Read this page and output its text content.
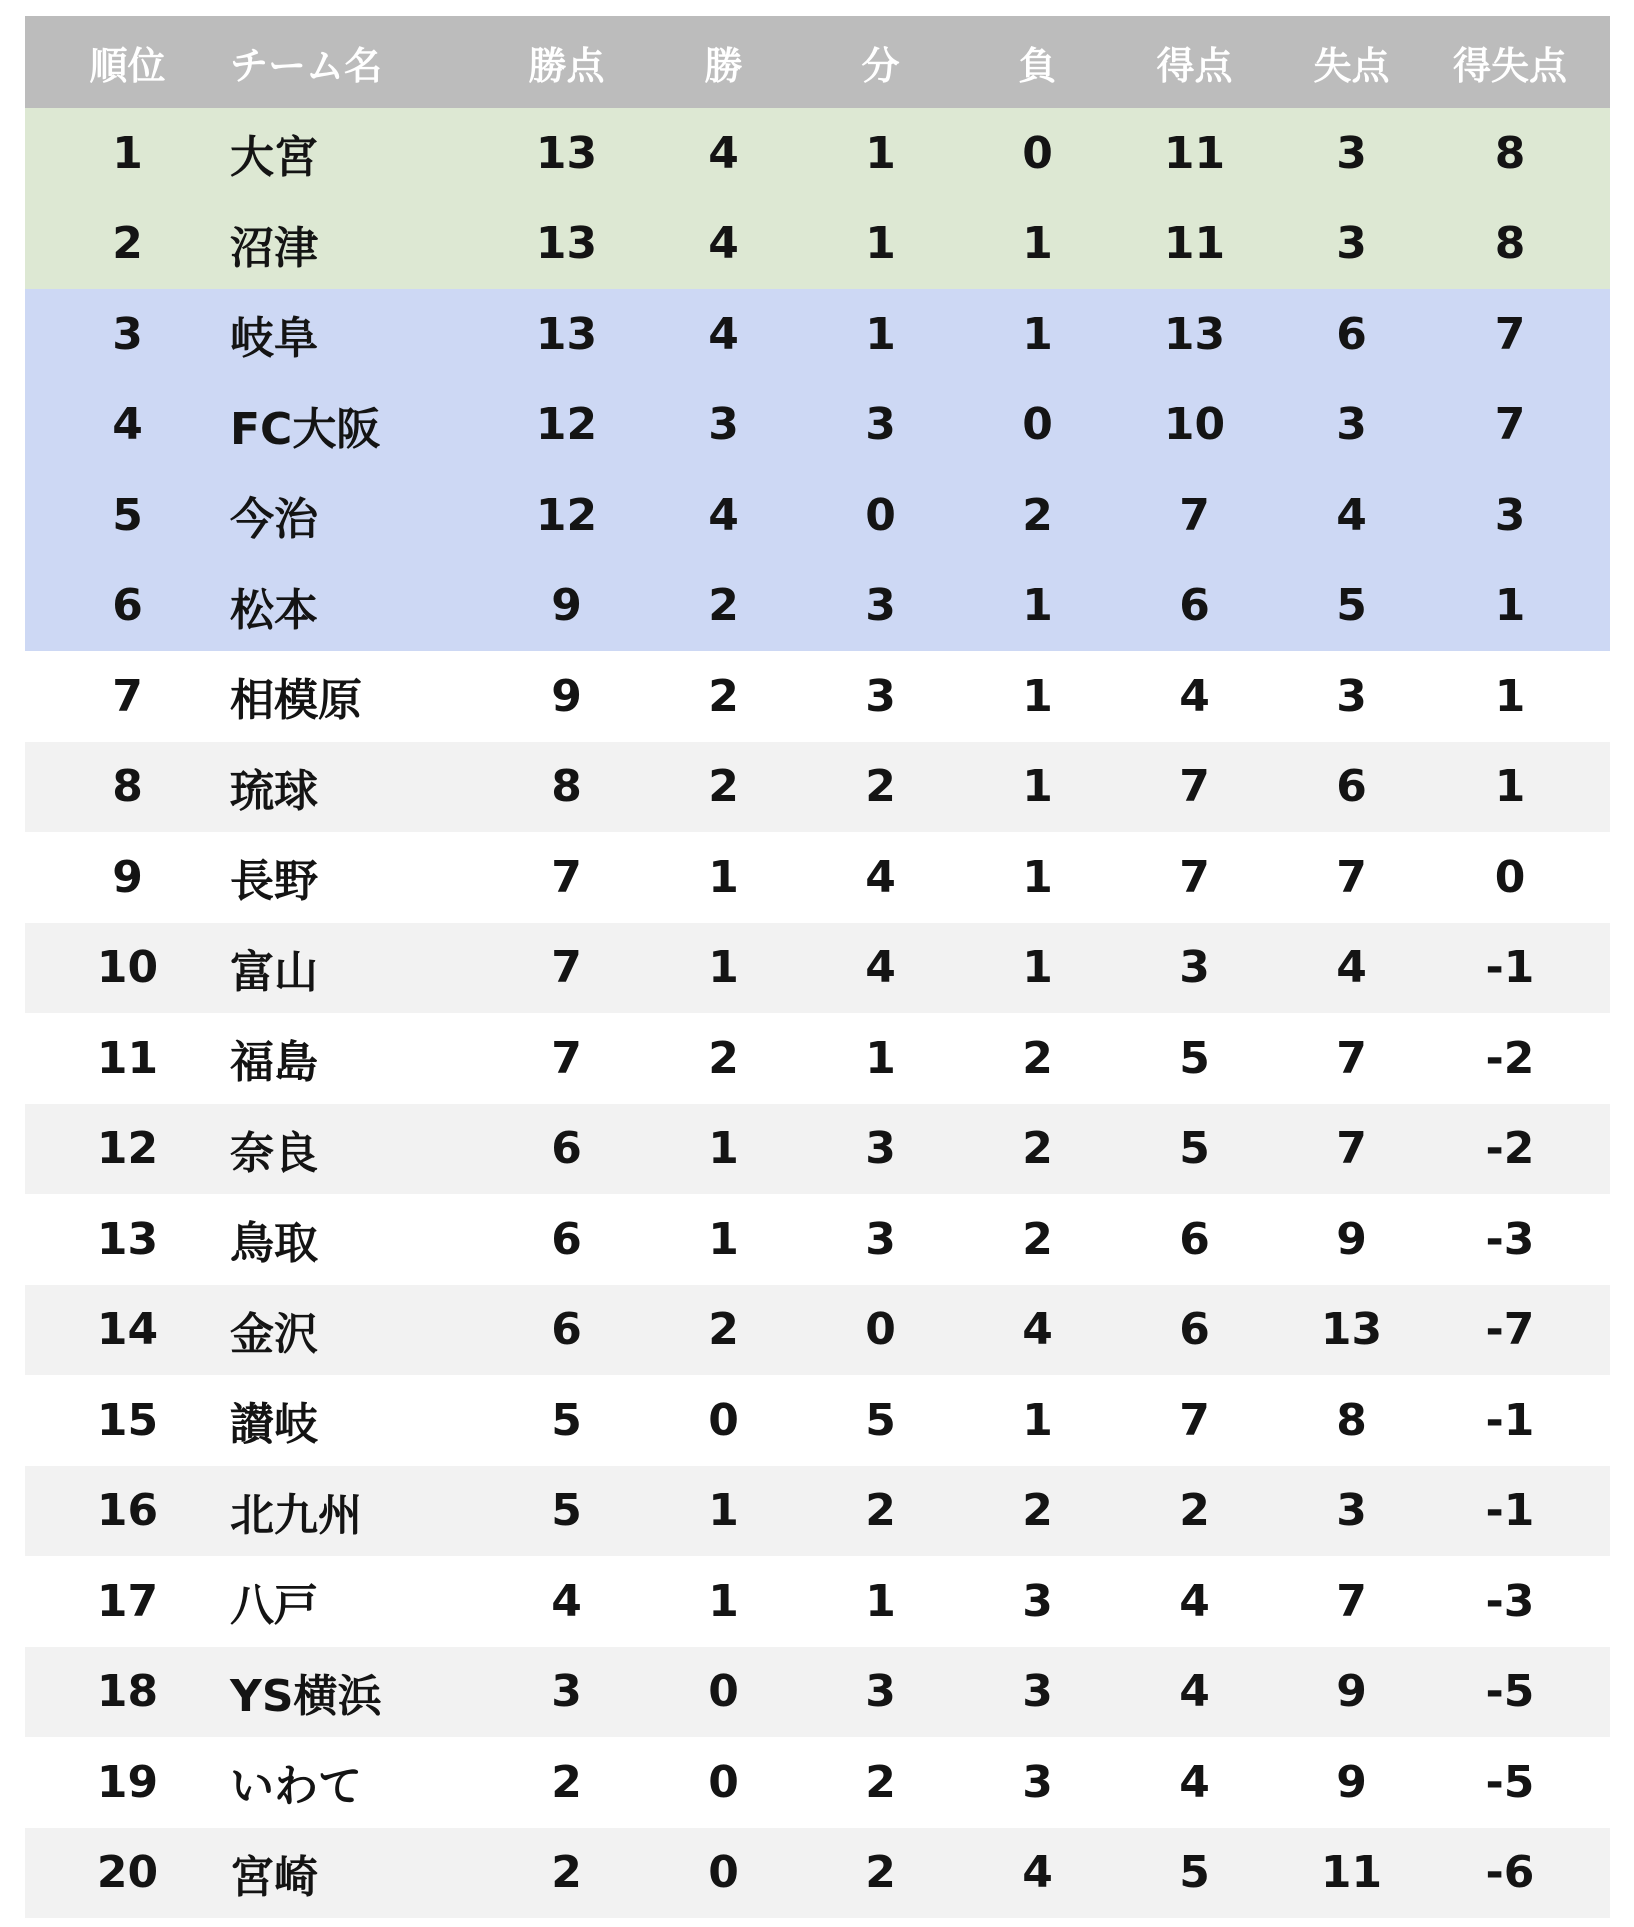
順位	チーム名	勝点	勝	分	負	得点	失点	得失点
1	大宮	13	4	1	0	11	3	8
2	沼津	13	4	1	1	11	3	8
3	岐阜	13	4	1	1	13	6	7
4	FC大阪	12	3	3	0	10	3	7
5	今治	12	4	0	2	7	4	3
6	松本	9	2	3	1	6	5	1
7	相模原	9	2	3	1	4	3	1
8	琉球	8	2	2	1	7	6	1
9	長野	7	1	4	1	7	7	0
10	富山	7	1	4	1	3	4	-1
11	福島	7	2	1	2	5	7	-2
12	奈良	6	1	3	2	5	7	-2
13	鳥取	6	1	3	2	6	9	-3
14	金沢	6	2	0	4	6	13	-7
15	讃岐	5	0	5	1	7	8	-1
16	北九州	5	1	2	2	2	3	-1
17	八戸	4	1	1	3	4	7	-3
18	YS横浜	3	0	3	3	4	9	-5
19	いわて	2	0	2	3	4	9	-5
20	宮崎	2	0	2	4	5	11	-6
